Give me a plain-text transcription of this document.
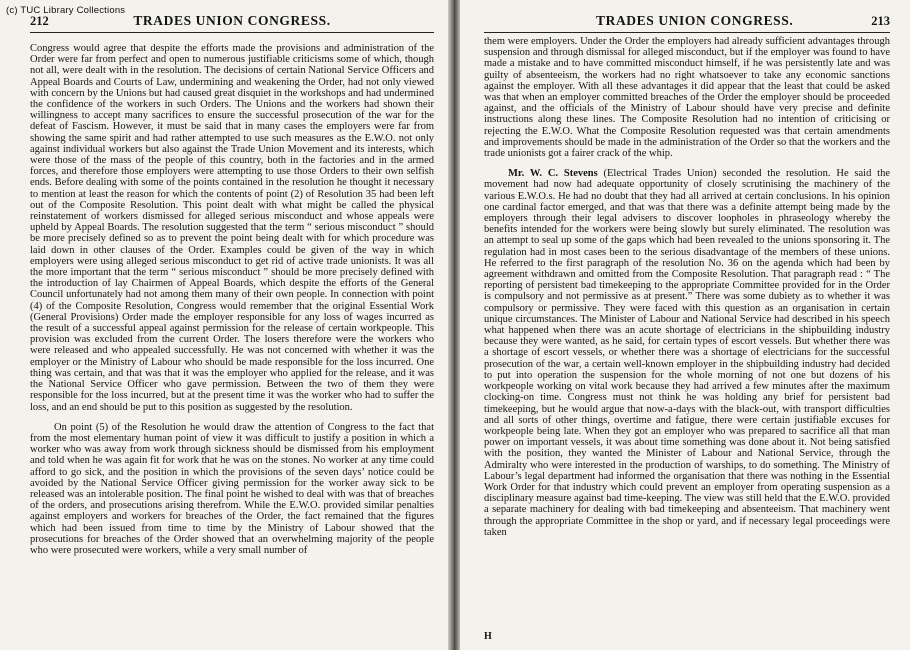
212	TRADES UNION CONGRESS.

Congress would agree that despite the efforts made the provisions and administration of the Order were far from perfect and open to numerous justifiable criticisms some of which, though not all, were dealt with in the resolution. The decisions of certain National Service Officers and Appeal Boards and Courts of Law, undermining and weakening the Order, had not only viewed with concern by the Unions but had caused great disquiet in the workshops and had undermined the confidence of the workers in such Orders. The Unions and the workers had shown their willingness to accept many sacrifices to ensure the successful prosecution of the war for the defeat of Fascism. However, it must be said that in many cases the employers were far from showing the same spirit and had rather attempted to use such measures as the E.W.O. not only against individual workers but also against the Trade Union Movement and its interests, which were those of the mass of the people of this country, both in the factories and in the armed forces, and therefore those employers were attempting to use those Orders to their own selfish ends. Before dealing with some of the points contained in the resolution he thought it necessary to mention at least the reason for which the contents of point (2) of Resolution 35 had been left out of the Composite Resolution. This point dealt with what might be called the physical reinstatement of workers dismissed for alleged serious misconduct and whose appeals were upheld by Appeal Boards. The resolution suggested that the term “ serious misconduct ” should be more precisely defined so as to prevent the point being dealt with for which procedure was laid down in other clauses of the Order. Examples could be given of the way in which employers were using alleged serious misconduct to get rid of active trade unionists. It was all the more important that the term “ serious misconduct ” should be more precisely defined with the introduction of lay Chairmen of Appeal Boards, which despite the efforts of the General Council unfortunately had not among them many of their own people. In connection with point (4) of the Composite Resolution, Congress would remember that the original Essential Work (General Provisions) Order made the employer responsible for any loss of wages incurred as the result of a successful appeal against permission for the release of certain workpeople. This provision was excluded from the current Order. The losers therefore were the workers who were released and who appealed successfully. He was not concerned with whether it was the employer or the Ministry of Labour who should be made responsible for the loss incurred. One thing was certain, and that was that it was the employer who applied for the release, and it was the National Service Officer who gave permission. Between the two of them they were responsible for the loss incurred, but at the present time it was the worker who had to suffer the loss, and an end should be put to this position as suggested by the resolution.

On point (5) of the Resolution he would draw the attention of Congress to the fact that from the most elementary human point of view it was difficult to justify a position in which a worker who was away from work through sickness should be dismissed from his employment and told when he was again fit for work that he was on the stones. No worker at any time could afford to go sick, and the position in which the provisions of the seven days’ notice could be avoided by the National Service Officer giving permission for the worker away sick to be released was an intolerable position. The final point he wished to deal with was that of breaches of the orders, and prosecutions arising therefrom. While the E.W.O. provided similar penalties against employers and workers for breaches of the Order, the fact remained that the figures which had been issued from time to time by the Ministry of Labour showed that the prosecutions for breaches of the Order showed that an overwhelming majority of the people who were prosecuted were workers, while a very small number of

TRADES UNION CONGRESS.	213

them were employers. Under the Order the employers had already sufficient advantages through suspension and through dismissal for alleged misconduct, but if the employer was found to have made a mistake and to have committed misconduct himself, if he was persistently late and was guilty of absenteeism, the workers had no right whatsoever to take any economic sanctions against the employer. With all these advantages it did appear that the least that could be asked was that when an employer committed breaches of the Order the employer should be proceeded against, and the officials of the Ministry of Labour should have very precise and definite instructions along these lines. The Composite Resolution had no intention of criticising or rejecting the E.W.O. What the Composite Resolution requested was that certain amendments and improvements should be made in the administration of the Order so that the workers and the trade unionists got a fairer crack of the whip.

Mr. W. C. Stevens (Electrical Trades Union) seconded the resolution. He said the movement had now had adequate opportunity of closely scrutinising the machinery of the various E.W.O.s. He had no doubt that they had all arrived at certain conclusions. In his opinion one cardinal factor emerged, and that was that there was a definite attempt being made by the employers through their legal advisers to discover loopholes in phraseology whereby the benefits intended for the workers were being slowly but surely eliminated. The resolution was an attempt to seal up some of the gaps which had been revealed to the unions sponsoring it. The regulation had in most cases been to the serious disadvantage of the members of these unions. He referred to the first paragraph of the resolution No. 36 on the agenda which had been by agreement withdrawn and omitted from the Composite Resolution. That paragraph read : “ The reporting of persistent bad timekeeping to the appropriate Committee provided for in the Order is compulsory and not permissive as at present.” There was some dubiety as to whether it was compulsory or permissive. They were faced with this question as an organisation in certain unique circumstances. The Minister of Labour and National Service had described in his speech what happened when there was an acute shortage of electricians in the shipbuilding industry because they were wanted, as he said, for certain types of escort vessels. But whether there was a shortage of escort vessels, or whether there was a shortage of electricians for the successful prosecution of the war, a certain well-known employer in the shipbuilding industry had decided to put into operation the suspension for the whole morning of not one but dozens of his workpeople working on vital work because they had arrived a few minutes after the maximum clocking-on time. Congress must not think he was holding any brief for persistent bad timekeeping, but he would argue that now-a-days with the black-out, with transport difficulties and all sorts of other things, overtime and fatigue, there were certain justifiable excuses for workpeople being late. When they got an employer who was prepared to sacrifice all that man power on important vessels, it was about time something was done about it. Not being satisfied with the position, they wanted the Minister of Labour and National Service, through the Admiralty who were interested in the production of warships, to do something. The Ministry of Labour’s legal department had informed the organisation that there was nothing in the Essential Work Order for that industry which could prevent an employer from operating suspension as a disciplinary measure against bad time-keeping. The view was still held that the E.W.O. provided a separate machinery for dealing with bad timekeeping and absenteeism. That machinery went through the appropriate Committee in the shop or yard, and if necessary legal proceedings were taken

H
(c) TUC Library Collections
